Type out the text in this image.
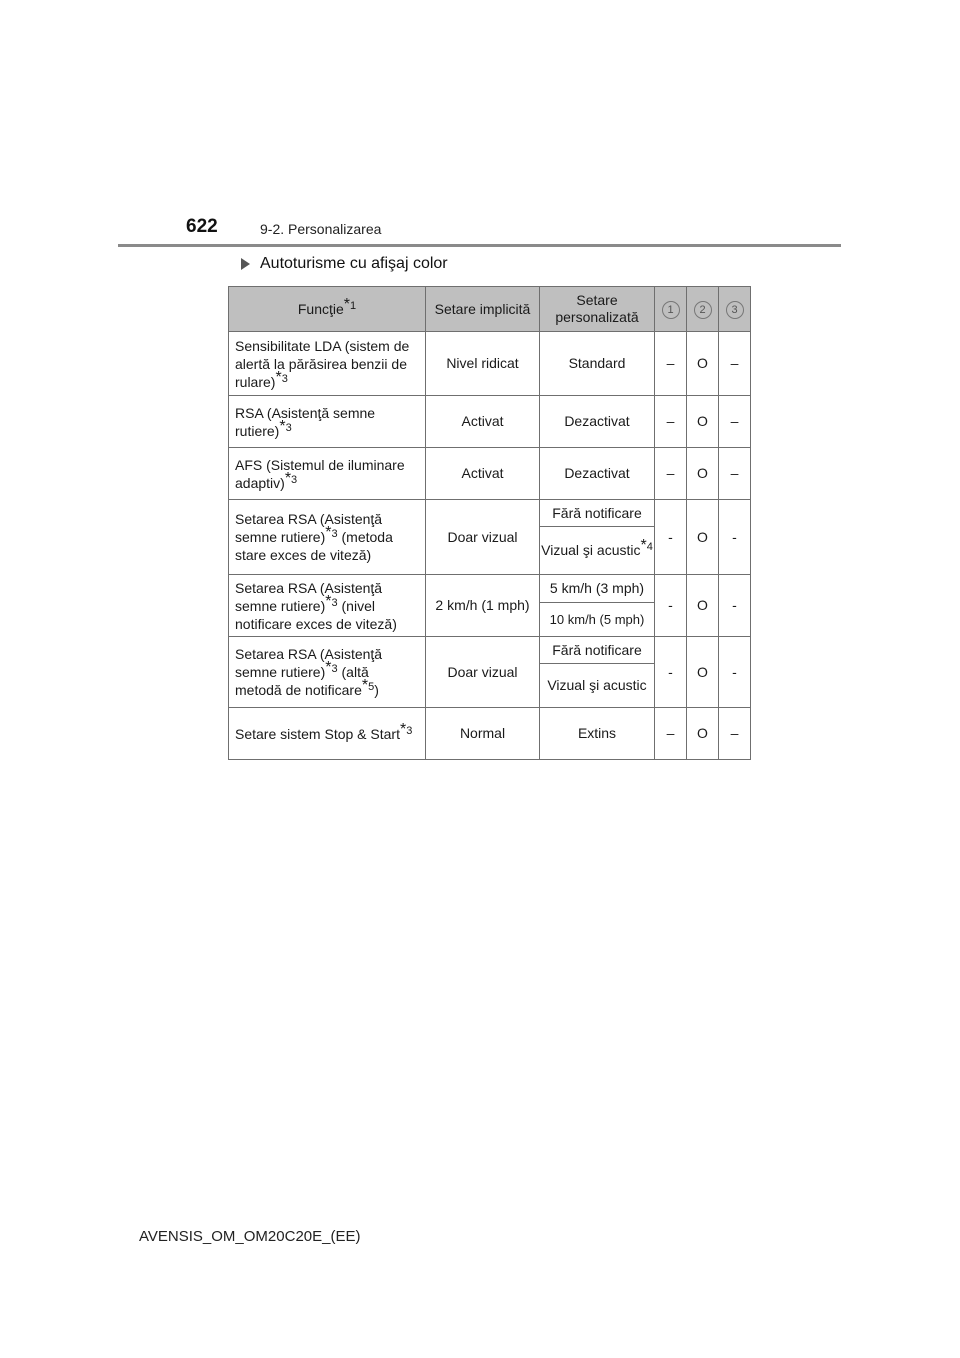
622	9-2. Personalizarea
Autoturisme cu afişaj color
Funcţie$^{*1}$	Setare implicită	Setare personalizată	1	2	3
Sensibilitate LDA (sistem de alertă la părăsirea benzii de rulare)$^{*3}$	Nivel ridicat	Standard	–	O	–
RSA (Asistenţă semne rutiere)$^{*3}$	Activat	Dezactivat	–	O	–
AFS (Sistemul de iluminare adaptiv)$^{*3}$	Activat	Dezactivat	–	O	–
Setarea RSA (Asistenţă semne rutiere)$^{*3}$ (metoda stare exces de viteză)	Doar vizual	Fără notificare	-	O	-
		Vizual şi acustic$^{*4}$
Setarea RSA (Asistenţă semne rutiere)$^{*3}$ (nivel notificare exces de viteză)	2 km/h (1 mph)	5 km/h (3 mph)	-	O	-
		10 km/h (5 mph)			
Setarea RSA (Asistenţă semne rutiere)$^{*3}$ (altă metodă de notificare$^{*5}$)	Doar vizual	Fără notificare	-	O	-
		Vizual şi acustic			
Setare sistem Stop & Start$^{*3}$	Normal	Extins	–	O	–
AVENSIS_OM_OM20C20E_(EE)
